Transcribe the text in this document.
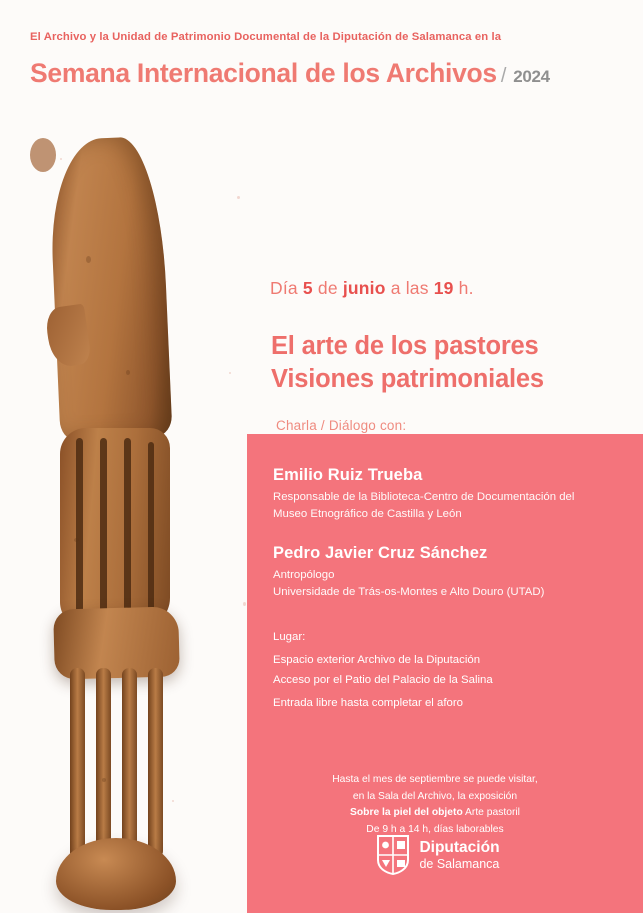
El Archivo y la Unidad de Patrimonio Documental de la Diputación de Salamanca en la
Semana Internacional de los Archivos / 2024
Día 5 de junio a las 19 h.
El arte de los pastores
Visiones patrimoniales
Charla / Diálogo con:
Emilio Ruiz Trueba
Responsable de la Biblioteca-Centro de Documentación del
Museo Etnográfico de Castilla y León
Pedro Javier Cruz Sánchez
Antropólogo
Universidade de Trás-os-Montes e Alto Douro (UTAD)
Lugar:
Espacio exterior Archivo de la Diputación
Acceso por el Patio del Palacio de la Salina
Entrada libre hasta completar el aforo
Hasta el mes de septiembre se puede visitar,
en la Sala del Archivo, la exposición
Sobre la piel del objeto Arte pastoril
De 9 h a 14 h, días laborables
Diputación
de Salamanca
